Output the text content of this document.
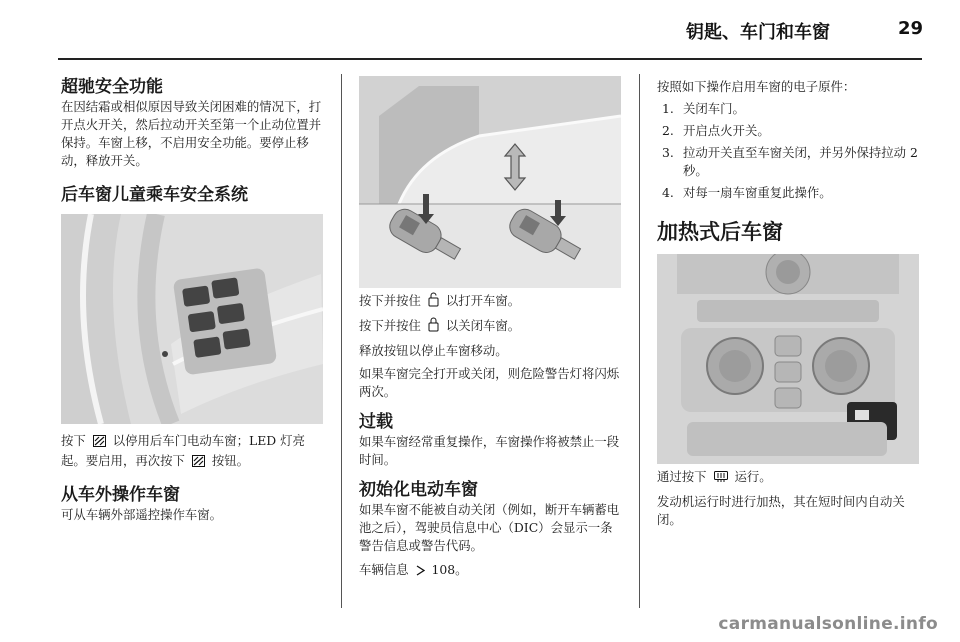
钥匙、车门和车窗	29
超驰安全功能

在因结霜或相似原因导致关闭困难的情况下，打开点火开关，然后拉动开关至第一个止动位置并保持。车窗上移，不启用安全功能。要停止移动，释放开关。

后车窗儿童乘车安全系统

按下 以停用后车门电动车窗；LED 灯亮起。要启用，再次按下 按钮。

从车外操作车窗

可从车辆外部遥控操作车窗。

按下并按住 以打开车窗。

按下并按住 以关闭车窗。

释放按钮以停止车窗移动。

如果车窗完全打开或关闭，则危险警告灯将闪烁两次。

过载

如果车窗经常重复操作，车窗操作将被禁止一段时间。

初始化电动车窗

如果车窗不能被自动关闭（例如，断开车辆蓄电池之后），驾驶员信息中心（DIC）会显示一条警告信息或警告代码。

车辆信息 108。

按照如下操作启用车窗的电子原件：

1. 关闭车门。
2. 开启点火开关。
3. 拉动开关直至车窗关闭，并另外保持拉动 2 秒。
4. 对每一扇车窗重复此操作。
加热式后车窗

通过按下 运行。

发动机运行时进行加热，其在短时间内自动关闭。

carmanualsonline.info
